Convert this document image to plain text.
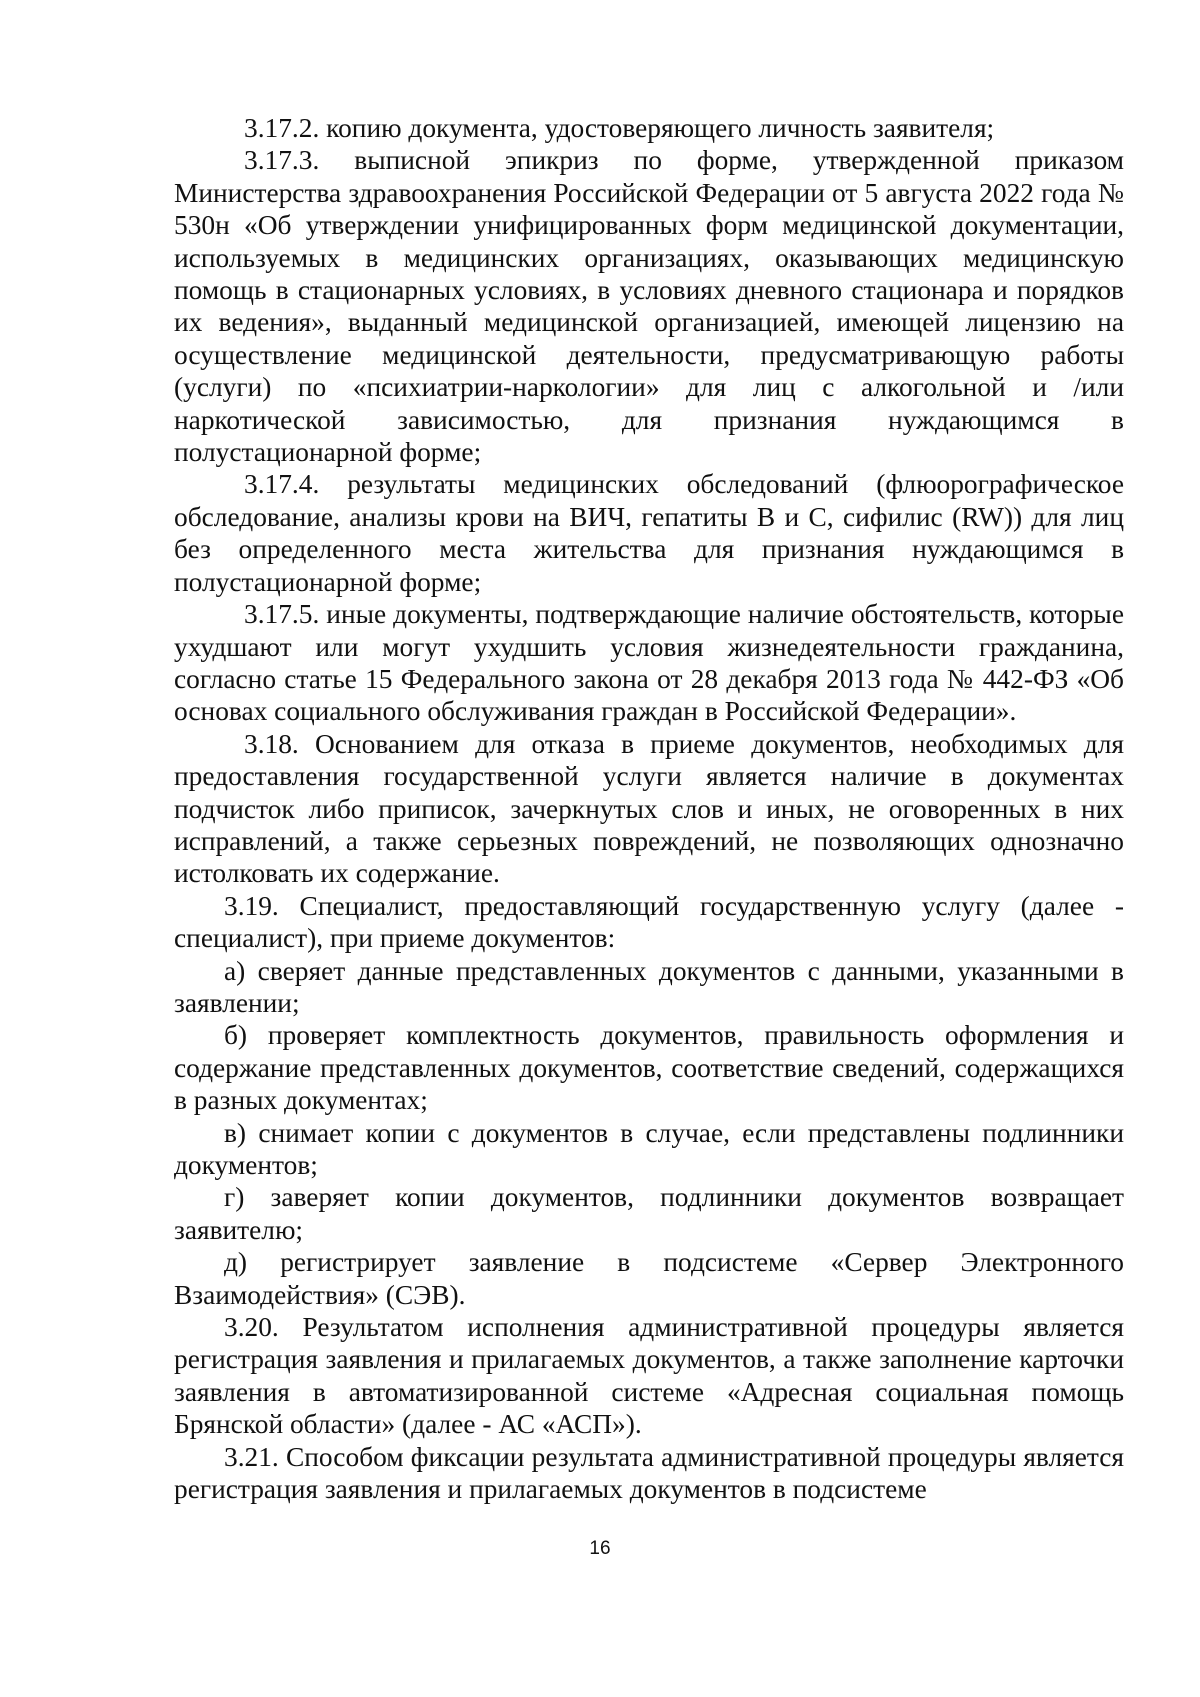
3.17.2. копию документа, удостоверяющего личность заявителя;

3.17.3. выписной эпикриз по форме, утвержденной приказом Министерства здравоохранения Российской Федерации от 5 августа 2022 года № 530н «Об утверждении унифицированных форм медицинской документации, используемых в медицинских организациях, оказывающих медицинскую помощь в стационарных условиях, в условиях дневного стационара и порядков их ведения», выданный медицинской организацией, имеющей лицензию на осуществление медицинской деятельности, предусматривающую работы (услуги) по «психиатрии-наркологии» для лиц с алкогольной и /или наркотической зависимостью, для признания нуждающимся в полустационарной форме;

3.17.4. результаты медицинских обследований (флюорографическое обследование, анализы крови на ВИЧ, гепатиты В и С, сифилис (RW)) для лиц без определенного места жительства для признания нуждающимся в полустационарной форме;

3.17.5. иные документы, подтверждающие наличие обстоятельств, которые ухудшают или могут ухудшить условия жизнедеятельности гражданина, согласно статье 15 Федерального закона от 28 декабря 2013 года № 442-ФЗ «Об основах социального обслуживания граждан в Российской Федерации».

3.18. Основанием для отказа в приеме документов, необходимых для предоставления государственной услуги является наличие в документах подчисток либо приписок, зачеркнутых слов и иных, не оговоренных в них исправлений, а также серьезных повреждений, не позволяющих однозначно истолковать их содержание.

3.19. Специалист, предоставляющий государственную услугу (далее - специалист), при приеме документов:

а) сверяет данные представленных документов с данными, указанными в заявлении;

б) проверяет комплектность документов, правильность оформления и содержание представленных документов, соответствие сведений, содержащихся в разных документах;

в) снимает копии с документов в случае, если представлены подлинники документов;

г) заверяет копии документов, подлинники документов возвращает заявителю;

д) регистрирует заявление в подсистеме «Сервер Электронного Взаимодействия» (СЭВ).

3.20. Результатом исполнения административной процедуры является регистрация заявления и прилагаемых документов, а также заполнение карточки заявления в автоматизированной системе «Адресная социальная помощь Брянской области» (далее - АС «АСП»).

3.21. Способом фиксации результата административной процедуры является регистрация заявления и прилагаемых документов в подсистеме

16
